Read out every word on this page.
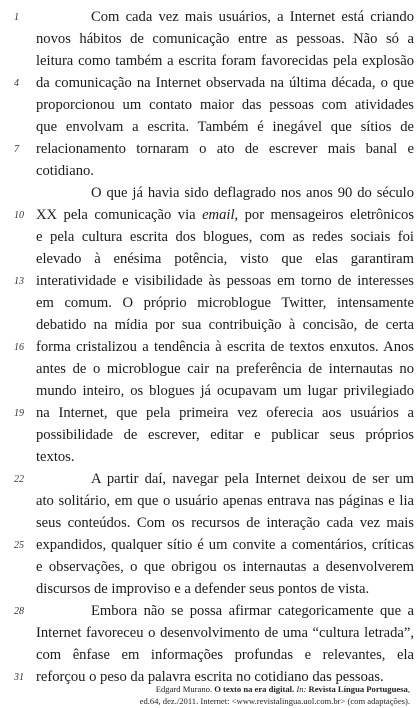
Com cada vez mais usuários, a Internet está criando
novos hábitos de comunicação entre as pessoas. Não só a
leitura como também a escrita foram favorecidas pela explosão
da comunicação na Internet observada na última década, o que
proporcionou um contato maior das pessoas com atividades
que envolvam a escrita. Também é inegável que sítios de
relacionamento tornaram o ato de escrever mais banal e
cotidiano.
O que já havia sido deflagrado nos anos 90 do século
XX pela comunicação via email, por mensageiros eletrônicos
e pela cultura escrita dos blogues, com as redes sociais foi
elevado à enésima potência, visto que elas garantiram
interatividade e visibilidade às pessoas em torno de interesses
em comum. O próprio microblogue Twitter, intensamente
debatido na mídia por sua contribuição à concisão, de certa
forma cristalizou a tendência à escrita de textos enxutos. Anos
antes de o microblogue cair na preferência de internautas no
mundo inteiro, os blogues já ocupavam um lugar privilegiado
na Internet, que pela primeira vez oferecia aos usuários a
possibilidade de escrever, editar e publicar seus próprios
textos.
A partir daí, navegar pela Internet deixou de ser um
ato solitário, em que o usuário apenas entrava nas páginas e lia
seus conteúdos. Com os recursos de interação cada vez mais
expandidos, qualquer sítio é um convite a comentários, críticas
e observações, o que obrigou os internautas a desenvolverem
discursos de improviso e a defender seus pontos de vista.
Embora não se possa afirmar categoricamente que a
Internet favoreceu o desenvolvimento de uma “cultura letrada”,
com ênfase em informações profundas e relevantes, ela
reforçou o peso da palavra escrita no cotidiano das pessoas.
1
4
7
10
13
16
19
22
25
28
31
Edgard Murano. O texto na era digital. In: Revista Língua Portuguesa,
ed.64, dez./2011. Internet: <www.revistalingua.uol.com.br> (com adaptações).
